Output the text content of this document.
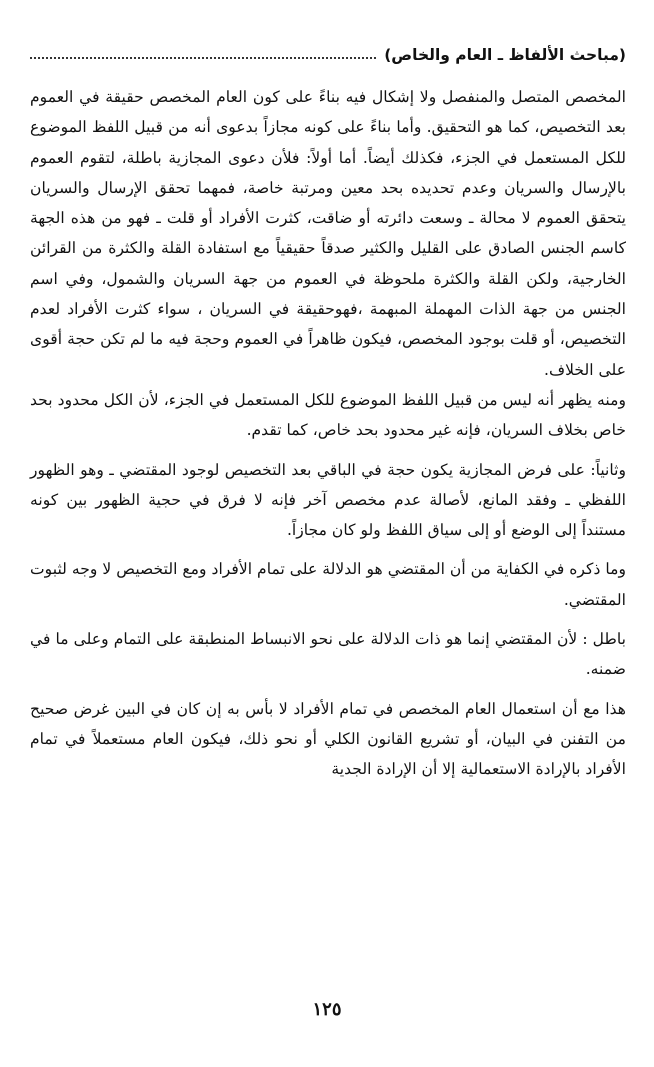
(مباحث الألفاظ ـ العام والخاص)

المخصص المتصل والمنفصل ولا إشكال فيه بناءً على كون العام المخصص حقيقة في العموم بعد التخصيص، كما هو التحقيق. وأما بناءً على كونه مجازاً بدعوى أنه من قبيل اللفظ الموضوع للكل المستعمل في الجزء، فكذلك أيضاً. أما أولاً: فلأن دعوى المجازية باطلة، لتقوم العموم بالإرسال والسريان وعدم تحديده بحد معين ومرتبة خاصة، فمهما تحقق الإرسال والسريان يتحقق العموم لا محالة ـ وسعت دائرته أو ضاقت، كثرت الأفراد أو قلت ـ فهو من هذه الجهة كاسم الجنس الصادق على القليل والكثير صدقاً حقيقياً مع استفادة القلة والكثرة من القرائن الخارجية، ولكن القلة والكثرة ملحوظة في العموم من جهة السريان والشمول، وفي اسم الجنس من جهة الذات المهملة المبهمة ،فهوحقيقة في السريان ، سواء كثرت الأفراد لعدم التخصيص، أو قلت بوجود المخصص، فيكون ظاهراً في العموم وحجة فيه ما لم تكن حجة أقوى على الخلاف.

ومنه يظهر أنه ليس من قبيل اللفظ الموضوع للكل المستعمل في الجزء، لأن الكل محدود بحد خاص بخلاف السريان، فإنه غير محدود بحد خاص، كما تقدم.

وثانياً: على فرض المجازية يكون حجة في الباقي بعد التخصيص لوجود المقتضي ـ وهو الظهور اللفظي ـ وفقد المانع، لأصالة عدم مخصص آخر فإنه لا فرق في حجية الظهور بين كونه مستنداً إلى الوضع أو إلى سياق اللفظ ولو كان مجازاً.

وما ذكره في الكفاية من أن المقتضي هو الدلالة على تمام الأفراد ومع التخصيص لا وجه لثبوت المقتضي.

باطل : لأن المقتضي إنما هو ذات الدلالة على نحو الانبساط المنطبقة على التمام وعلى ما في ضمنه.

هذا مع أن استعمال العام المخصص في تمام الأفراد لا بأس به إن كان في البين غرض صحيح من التفنن في البيان، أو تشريع القانون الكلي أو نحو ذلك، فيكون العام مستعملاً في تمام الأفراد بالإرادة الاستعمالية إلا أن الإرادة الجدية

١٢٥
